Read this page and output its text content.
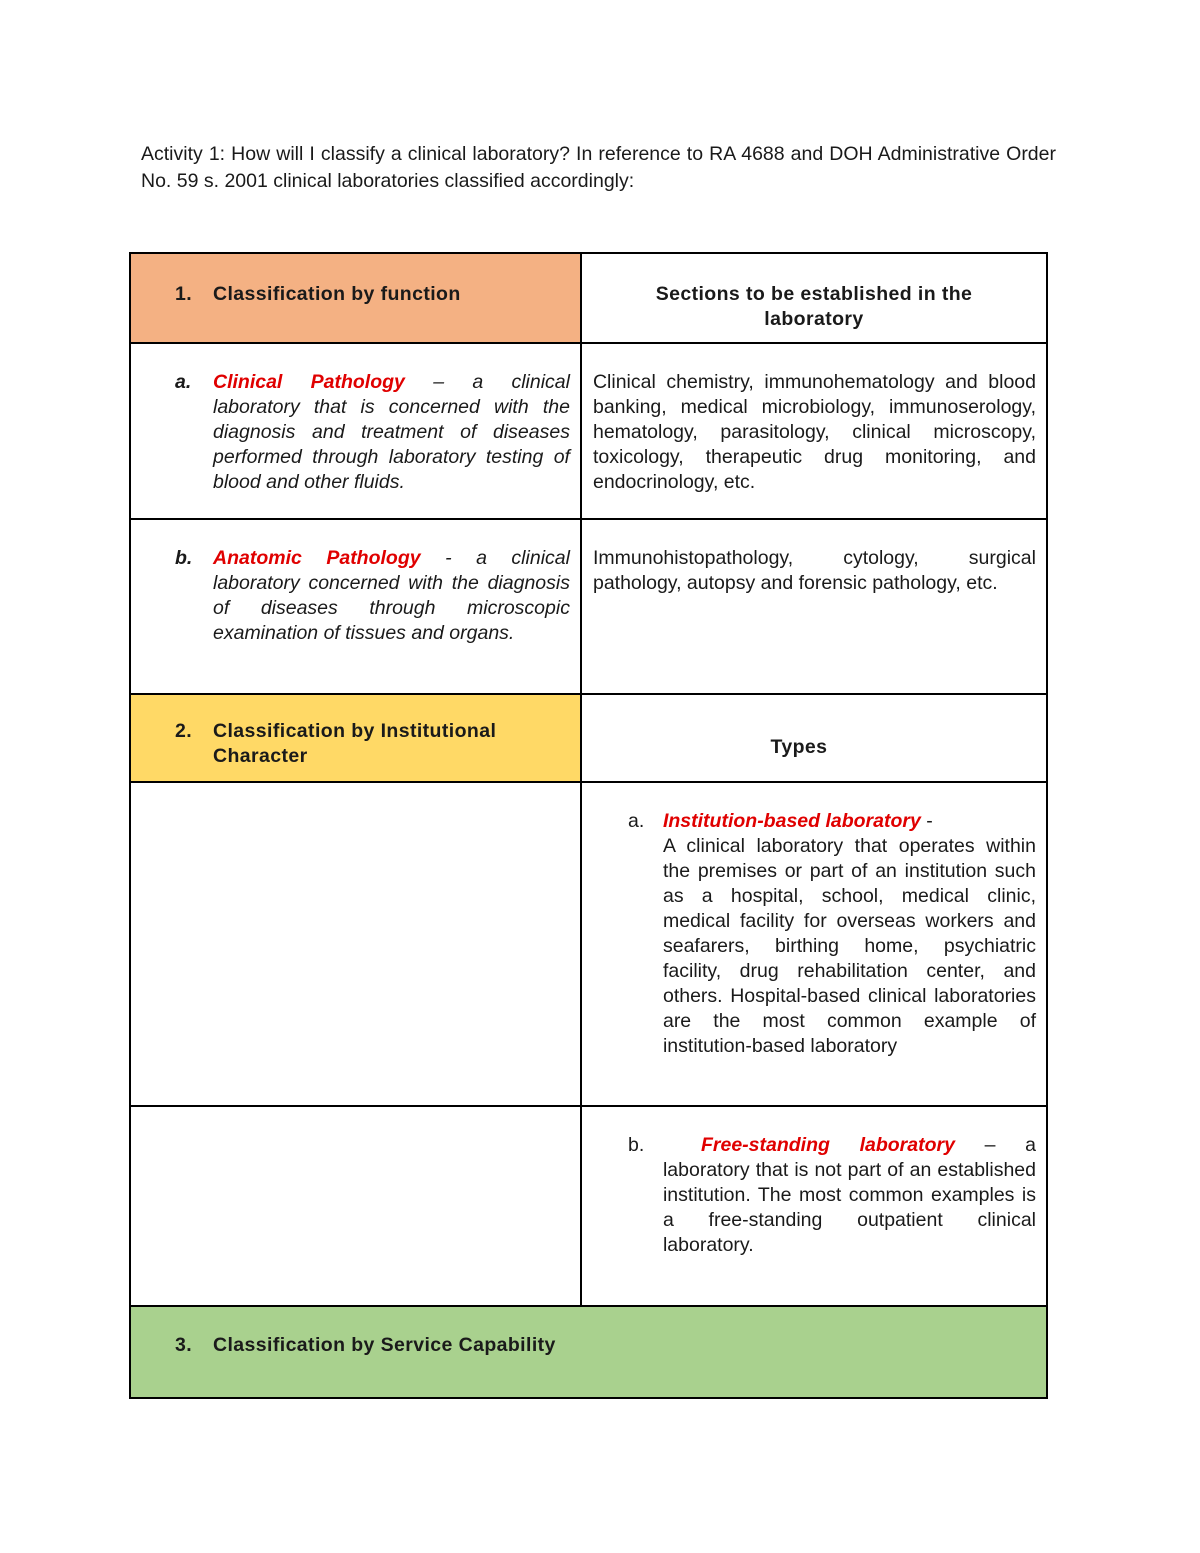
Activity 1: How will I classify a clinical laboratory? In reference to RA 4688 and DOH Administrative Order No. 59 s. 2001 clinical laboratories classified accordingly:

1. Classification by function	Sections to be established in the laboratory

a. Clinical Pathology – a clinical laboratory that is concerned with the diagnosis and treatment of diseases performed through laboratory testing of blood and other fluids.	Clinical chemistry, immunohematology and blood banking, medical microbiology, immunoserology, hematology, parasitology, clinical microscopy, toxicology, therapeutic drug monitoring, and endocrinology, etc.

b. Anatomic Pathology - a clinical laboratory concerned with the diagnosis of diseases through microscopic examination of tissues and organs.	Immunohistopathology, cytology, surgical pathology, autopsy and forensic pathology, etc.

2. Classification by Institutional Character	Types

	a. Institution-based laboratory -
A clinical laboratory that operates within the premises or part of an institution such as a hospital, school, medical clinic, medical facility for overseas workers and seafarers, birthing home, psychiatric facility, drug rehabilitation center, and others. Hospital-based clinical laboratories are the most common example of institution-based laboratory

	b. Free-standing laboratory – a laboratory that is not part of an established institution. The most common examples is a free-standing outpatient clinical laboratory.

3. Classification by Service Capability	
